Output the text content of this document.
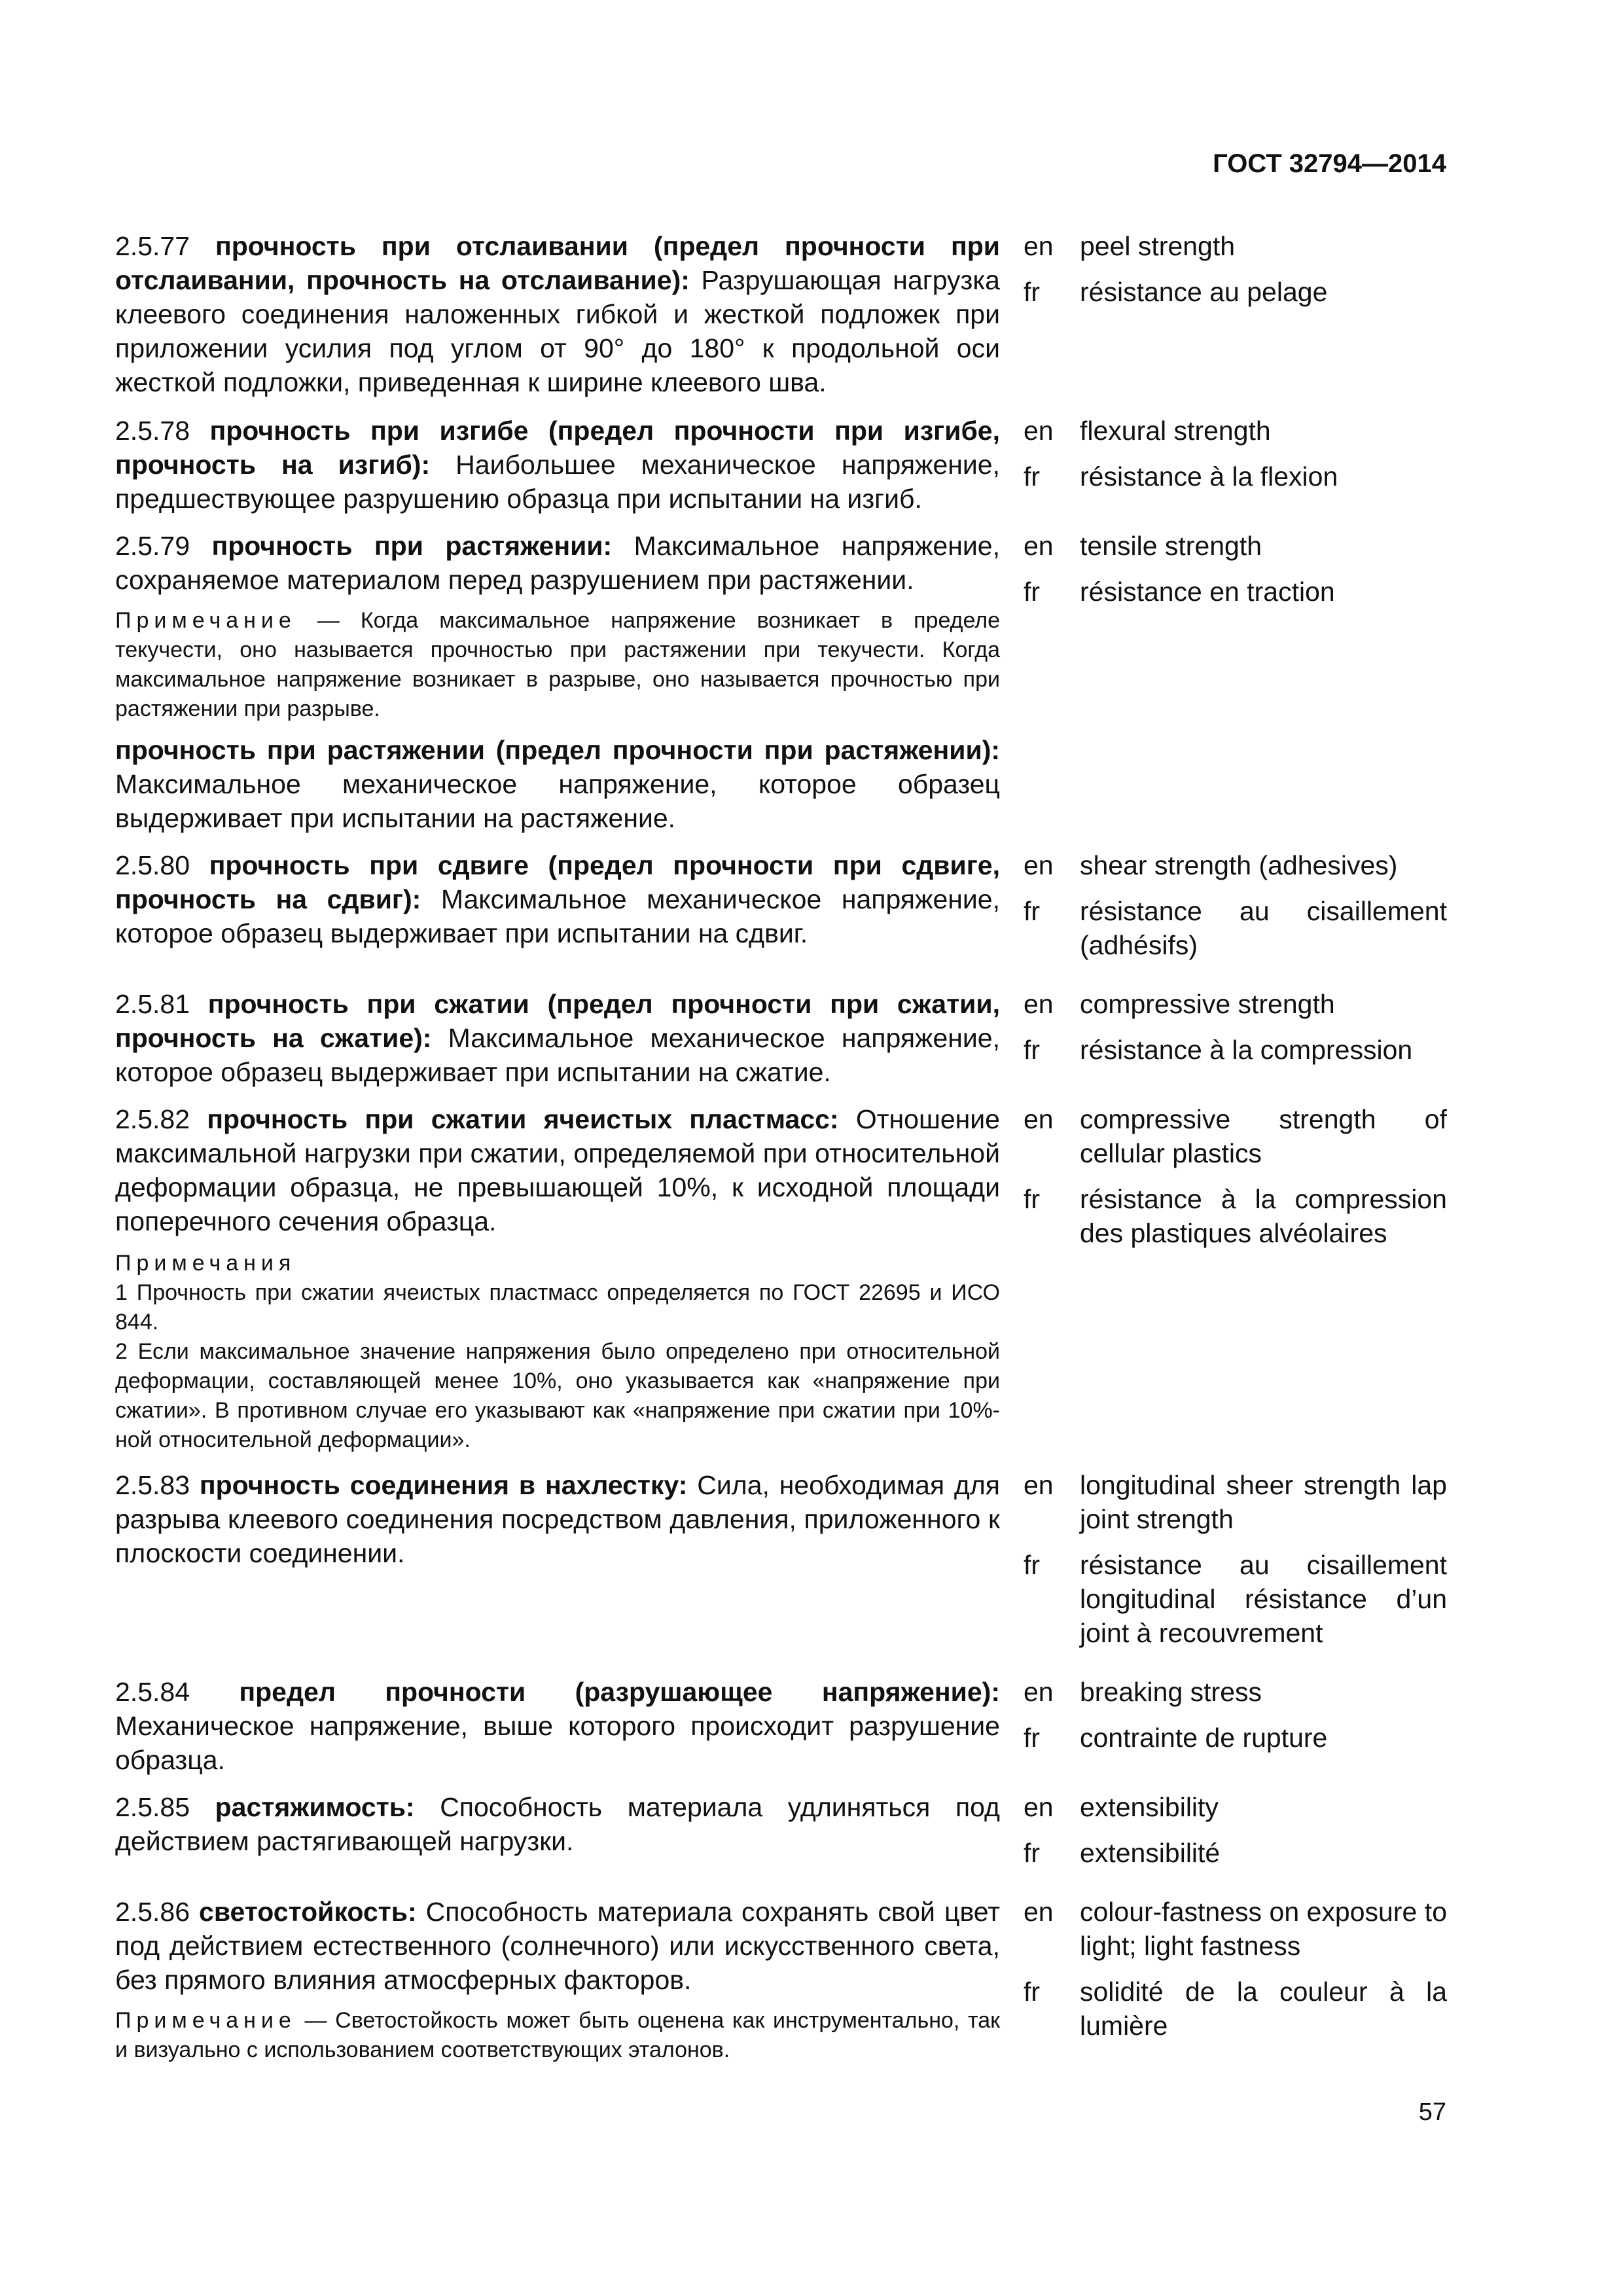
ГОСТ 32794—2014
2.5.77 прочность при отслаивании (предел прочности при отслаивании, прочность на отслаивание): Разрушающая нагрузка клеевого соединения наложенных гибкой и жесткой подложек при приложении усилия под углом от 90° до 180° к продольной оси жесткой подложки, приведенная к ширине клеевого шва.
en peel strength
fr	résistance au pelage
2.5.78 прочность при изгибе (предел прочности при изгибе, прочность на изгиб): Наибольшее механическое напряжение, предшествующее разрушению образца при испытании на изгиб.
en flexural strength
fr	résistance à la flexion
2.5.79 прочность при растяжении: Максимальное напряжение, сохраняемое материалом перед разрушением при растяжении.
Примечание — Когда максимальное напряжение возникает в пределе текучести, оно называется прочностью при растяжении при текучести. Когда максимальное напряжение возникает в разрыве, оно называется прочностью при растяжении при разрыве.
прочность при растяжении (предел прочности при растяжении): Максимальное механическое напряжение, которое образец выдерживает при испытании на растяжение.
en tensile strength
fr	résistance en traction
2.5.80 прочность при сдвиге (предел прочности при сдвиге, прочность на сдвиг): Максимальное механическое напряжение, которое образец выдерживает при испытании на сдвиг.
en shear strength (adhesives)
fr	résistance au cisaillement (adhésifs)
2.5.81 прочность при сжатии (предел прочности при сжатии, прочность на сжатие): Максимальное механическое напряжение, которое образец выдерживает при испытании на сжатие.
en compressive strength
fr	résistance à la compression
2.5.82 прочность при сжатии ячеистых пластмасс: Отношение максимальной нагрузки при сжатии, определяемой при относительной деформации образца, не превышающей 10%, к исходной площади поперечного сечения образца.
Примечания
1 Прочность при сжатии ячеистых пластмасс определяется по ГОСТ 22695 и ИСО 844.
2 Если максимальное значение напряжения было определено при относительной деформации, составляющей менее 10%, оно указывается как «напряжение при сжатии». В противном случае его указывают как «напряжение при сжатии при 10%-ной относительной деформации».
en compressive strength of cellular plastics
fr	résistance à la compression des plastiques alvéolaires
2.5.83 прочность соединения в нахлестку: Сила, необходимая для разрыва клеевого соединения посредством давления, приложенного к плоскости соединении.
en longitudinal sheer strength lap joint strength
fr	résistance au cisaillement longitudinal résistance d’un joint à recouvrement
2.5.84 предел прочности (разрушающее напряжение): Механическое напряжение, выше которого происходит разрушение образца.
en breaking stress
fr	contrainte de rupture
2.5.85 растяжимость: Способность материала удлиняться под действием растягивающей нагрузки.
en extensibility
fr	extensibilité
2.5.86 светостойкость: Способность материала сохранять свой цвет под действием естественного (солнечного) или искусственного света, без прямого влияния атмосферных факторов.
Примечание — Светостойкость может быть оценена как инструментально, так и визуально с использованием соответствующих эталонов.
en colour-fastness on exposure to light; light fastness
fr	solidité de la couleur à la lumière
57
